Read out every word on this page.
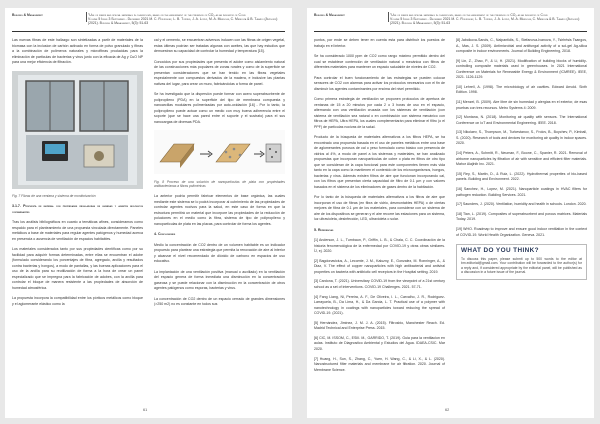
Building & Management	"Use of fibers and special materials in classrooms, based on the assessment of the presence of CO₂ as an indicator of Covid
Volume 5 Issue 3 September - December 2021 M. C. Rodriguez, L. B. Torres, J. A. Lopez, M. A. Mendoza, C. Mendoza & B. Tamayo (Authors) (2021). Building & Management, 5(3): 51-63

Las nuevas fibras de este hallazgo son sintetizadas a partir de materiales de la biomasa con la inclusion de carbón activado en forma de polvo granulado y fibras a la combinación de polímeros naturales y microfibras producidas para la eliminación de particulas de bacterias y virus junto con la eficacia de Ag y CuO NP para una mejor eficiencia de filtración.

Fig. 7 Fibras de una ventana y sistema de monitorización
3.1.7. Propuesta de material con propiedades reguladoras de humedad y agentes biológicos contaminantes

Tras los análisis bibliográficos en cuanto a temáticas afines, consideramos como respaldo para el planteamiento de una propuesta vinculada directamente. Paneles metálicos a base de materiales para regular agentes patógenos y humedad acerca en presencia o ausencia de ventilación de espacios habitables.

Los materiales considerados tanto por sus propiedades científicas como por su facilidad para adquirir formas determinadas, entre ellas se encuentran el adobe (formulado considerando los porcentajes de fibra, agregado, arcilla y resultados contra bacterias y hongos), a modo de pantallas, y las buenas aplicaciones para el uso de la arcilla para su reutilización de forma a la hora de crear un panel especializado que se impregna para la fabricación de adobes, con la arcilla para controlar el bloque de manera resistente a las propiedades de absorción de humedad atmosférica.

La propuesta incorpora la compatibilidad entre los pórticos metálicos como bloque y el aglomerante elástico como la

cal y el cemento, se encuentran adversos inducen con las fibras de origen vegetal, estas últimas podrían ser tratadas algunas con aceites, las que hay estudios que demuestran su capacidad de controlar la humedad y temperatura [15].

Conocidos por sus propiedades que presenta el adobe como aislamiento natural de las construcciones más populares de zonas rurales y como de la superficie se presentan consideraciones que se han tenido en las fibras vegetales especialmente con compuestos derivados de la madera, e inclusive las plantas nativas del lugar, para crear un muro, fabricándolas a forma de panel.

Se ha investigado que la dispersión puede formar con acero superabsorbente de polipropileno (PDA) en la superficie del tipo de membrana compuesta y nanoarcillas modulares polimerizadas por auto-oxidación [16] - Por lo tanto, la polipropileno puede actuar como un medio con muy buena adherencia entre el soporte (que se hace una pared entre el soporte y el sustrato) para el sus nanocargas de diversas PDA.

Fig. 8 Proceso de una solución de nanopartículas de plata con propiedades antibacterianas a fibras poliméricas

La anterior podría permitir fabricar elementos de base orgánica, las cuales mediante este sistema se lo podrá incorporar al cubrimiento de las propiedades de controlar agentes nocivos para la salud, en este caso de forma en que la estructura permitirá un material que incorpore las propiedades de la reducción de poluciones en el medio como la fibra, sistema de tipo de polipropileno y nanopartículas de plata en las placas, para controlar de forma los agentes.

4. Conclusiones

Medio la concentración de CO2 dentro de un volumen habitable es un indicador propuesto para plantear una estrategia que permita la renovación de aire al interior y alcanzar el nivel recomendado de dióxido de carbono en espacios de uso educativo.

La implantación de una ventilación positiva (manual o auxiliado) en la ventilación del espacio genera de forma inmediata una disminución en la concentración gaseosa y se puede relacionar con la disminución en la concentración de otros agentes patógenos como esporas, bacterias y virus.

La concentración de CO2 dentro de un espacio cerrado de grandes dimensiones (>250 m2) no es constante en todos sus

61
Building & Management	"Use of fibers and special materials in classrooms, based on the assessment of the presence of CO₂ as an indicator of Covid
Volume 5 Issue 3 September - December 2021 M. C. Rodriguez, L. B. Torres, J. A. Lopez, M. A. Mendoza, C. Mendoza & B. Tamayo (Authors) (2021). Building & Management, 5(3): 51-63

puntos, por ende se deben tener en cuenta esta para distribuir los puestos de trabajo en el interior.

Se ha considerado 1000 ppm de CO2 como rango máximo permitido dentro del cual se establece contención de ventilación natural o mecánica con filtros de diferentes materiales para mantener un espacio saludable de niveles de CO2.

Para controlar el buen funcionamiento de las estrategias se pueden colocar sensores de CO2 con alarmas para activar los protocolos necesarios con el fin de disminuir los agentes contaminantes por encima del nivel permitido.

Como primera estrategia de ventilación se proponen protocolos de apertura de ventanas de 15 a 20 minutos por cada 2 o 3 horas de uso en el espacio, alternando con una ventilación cruzada con los sistemas de ventilación (con sistema de ventilación sea natural o en combinación con sistema mecánico con filtros de HEPA, Ultra HEPA, los cuales complementarán para eliminar el filtro (o el PPF) de partículas nocivas de la salud.

Producto de la búsqueda de materiales alternativos a los filtros HEPA, se ha encontrado una propuesta basada en el uso de paneles metálicos entre una base de aglomerantes porosos de cal o yeso formulado como básico con presencia de vidrios al 4%, a modo de panel a los sistemas y materiales, se han analizado propuestas que incorporan nanopartículas de cobre o plata en filtros de otro tipo que se consideran de la capa funcional para este componentes tienen más vida tanto en la capa como la mantienen el contenido de los microorganismos, hongos, bacterias y virus. Además existen filtros de aire que funcionan incorporando cal, con los filtros que presentan cierta capacidad de filtro de 0.1 µm y con valores basados en el sistema de los eliminadores de gases dentro de la habitación.

Por lo tanto de la búsqueda de materiales alternativos a los filtros de aire que incorporan el uso de fibras (en fibra de vidrio, desmontables HEPA) o de ciertas mejores de fibra de 0.1 µm de los materiales, para considerar con un sistema de aire de los dispositivos se generan y el aire recorre las estaciones para un sistema, luz ultravioleta, desinfección, LED, ultravioleta o solar.

5. Referencias
[1] Anderson, J. L., Turnbaun, P., Griffin, L. B., & Chala, C. C. Coordinación de la historia fenomenológica de la enfermedad por COVID-19 y otras obras similares. ÍJ, ej. 2020.
[2] Bagdonavicius, A., Lecomte, J. M., Kaluzny, E., Gonzalez, M. Ronninger, A., & Diaz, V. The effect of copper nanoparticles with high antibacterial and antiviral properties on bacteria with antibiotic cell receptors in the Hospital setting. 2019.
[3] Cardona, T. (2021). Universitary COVID-19 from the viewpoint of a 21st century school as a set of interventions. COVID-19 Challenges. 2021. 57-71.
[4] Fang Liang, Ni, Pereira, A. F., De Oliveira, I. L., Carvalho, J. R., Rodriguez-Larrayuela, B., Da Lima, H., & Da Garcia, L. T. Practical use of a polymer with nanotechnology in coatings with nanoparticles toward reducing the spread of COVID-19. (2021).
[5] Hernández, Jiminez, J. M. J. A. (2015). Filtrosbio, Manchester Reach. Ed. Madrid Technical and Enterprise Press. 2015.
[6] CIC, M. ISSOM, C., ESIII. M., GARRIDO, T. (2019). Guia para la ventilacion en aulas. Instituto de Diagnostico Ambiental y Estudios del Agua. IDAEA-CSIC. Mar 2020.
[7] Huang, H., Sun, S., Zhang, C., Yuen, H. Wang, C., & Li, X., & L. (2020). Nanostructured filter materials and membrane for air filtration. 2020. Journal of Membrane Science.
[8] Jabcikova-Sands, C., Nalpantidis, S., Stefanova-Ivanova, Y., Tsirhrtsis Tsangos, A., Mas, J. S. (2009). Antimicrobial and antifungal activity of a sol-gel Ag-silica composite in indoor environments. Journal of Building Engineering, 2018.
[9] Lin, Z., Zhao, P., & Li, H. (2021). Modification of building blocks of humidity-controlling composite materials used in greenhouses. In 2021 International Conference on Materials for Renewable Energy & Environment (ICMREE). IEEE, 2021. 1126-1129.
[10] Lehrell, A. (1998). The microbiology of air cavities. Edward Arnold. Sixth Edition. 1998.
[11] Menzel, B. (2009). Aire libre de sin humedad y alergias en el exterior, de esas pruebas con tres recursos. Metro Systems 4: 2009.
[12] Montana, N. (2018). Monitoring air quality with sensors. The International Conference on IoT and Environmental Engineering. IEEE. 2018.
[13] Nikolaev, S., Thompson, M., Turkestanov, S., Frolov, B., Boychev, P., Kimball, S. (2020). Research of tools and devices for monitoring air quality in indoor spaces. 2020.
[14] Peters, A., Schmitt, R., Neuman, F., Boone, C., Spanier, R. 2021. Removal of airborne nanoparticles by filtration of air with sensitive and efficient filter materials. Mahor Alajlnib Inc. 2021.
[15] Rey, S., Martin, D., & Ruiz, L. (2022). Hydrothermal properties of bio-based panels. Building and Environment. 2022.
[16] Sanchez, H., Lopez, M. (2021). Nanoparticle coatings in HVAC filters for pathogen reduction. Building Services. 2021.
[17] Saunders, J. (2020). Ventilation, humidity and health in schools. London. 2020.
[18] Tian, L. (2019). Composites of superabsorbent and porous matrices. Materials Today. 2019.
[19] WHO. Roadmap to improve and ensure good indoor ventilation in the context of COVID-19. World Health Organization. Geneva. 2021.
WHAT DO YOU THINK?
To discuss this paper, please submit up to 500 words to the editor at bm.editorial@gmail.com. Your contribution will be forwarded to the author(s) for a reply and, if considered appropriate by the editorial panel, will be published as a discussion in a future issue of the journal.
62
